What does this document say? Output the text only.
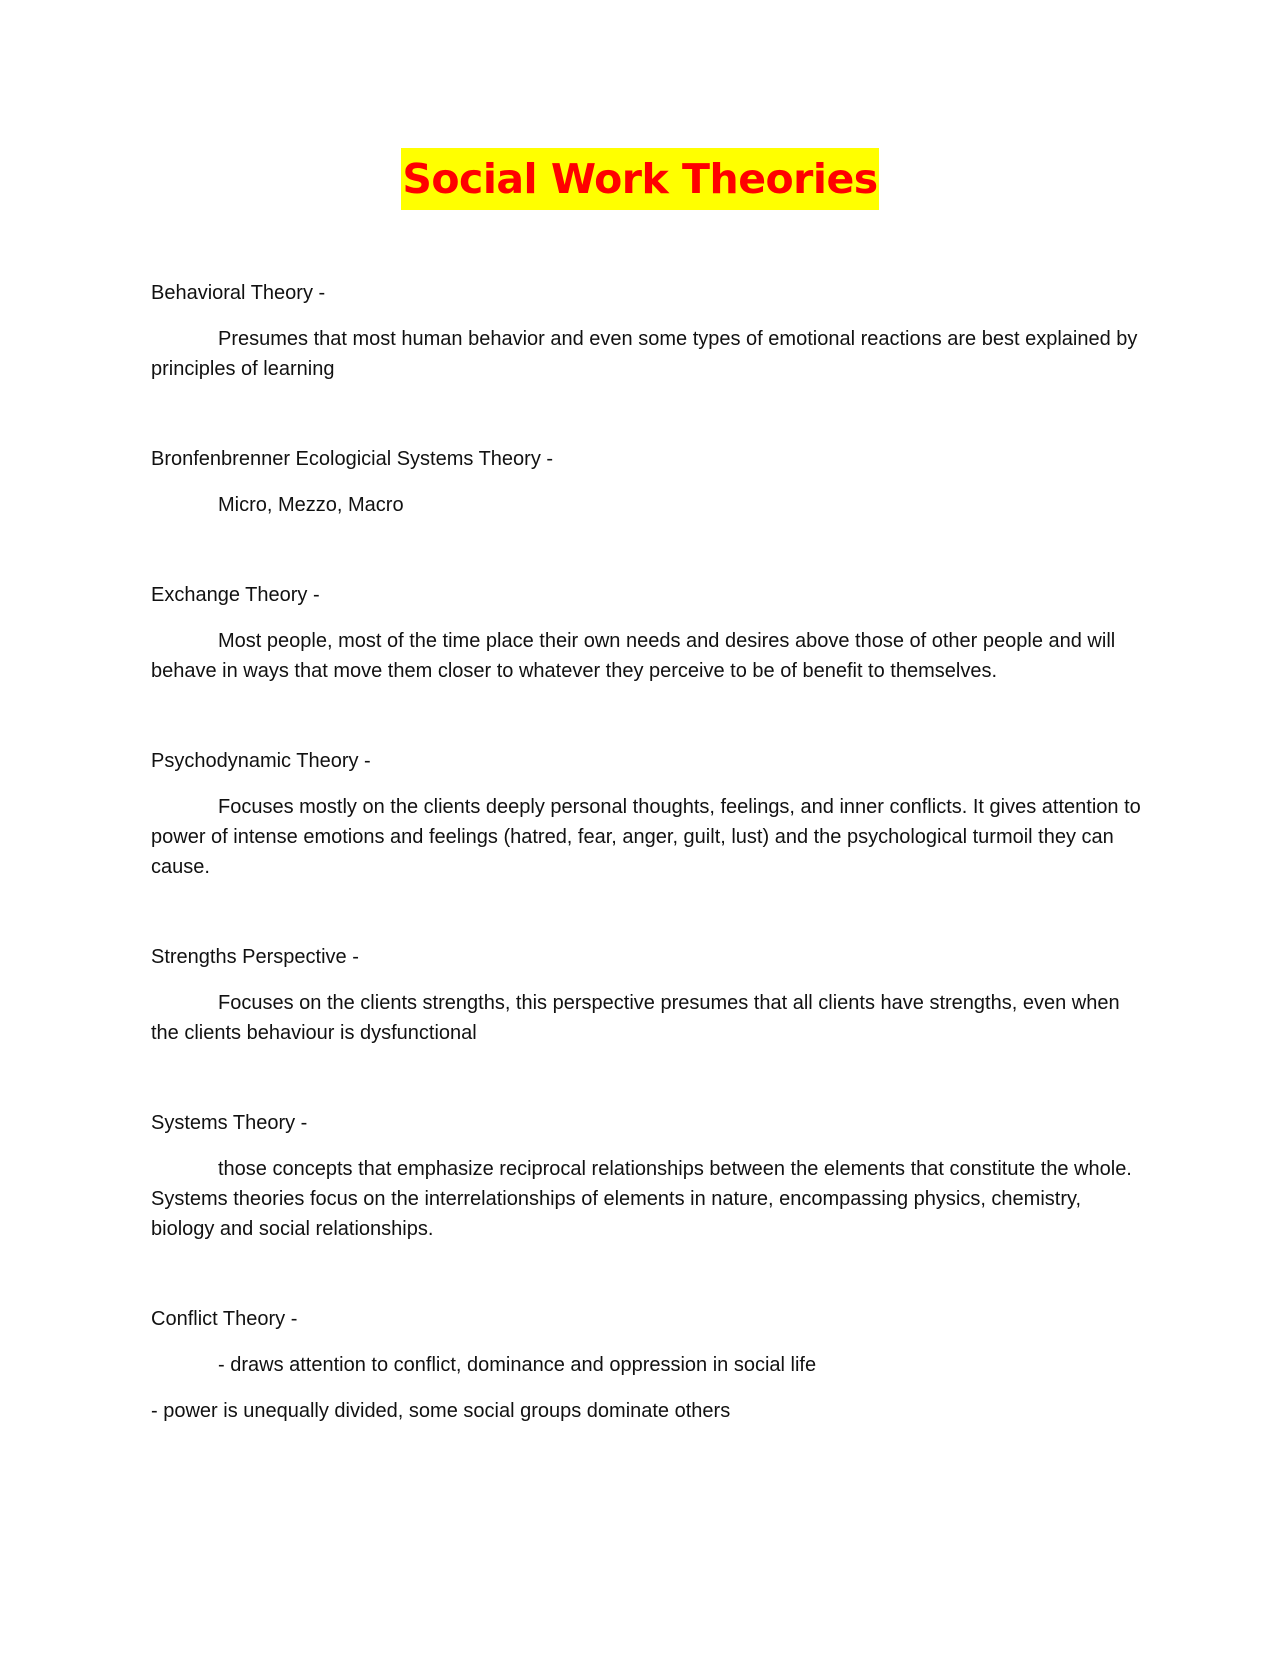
Social Work Theories

Behavioral Theory -

Presumes that most human behavior and even some types of emotional reactions are best explained by principles of learning

Bronfenbrenner Ecologicial Systems Theory -

Micro, Mezzo, Macro

Exchange Theory -

Most people, most of the time place their own needs and desires above those of other people and will behave in ways that move them closer to whatever they perceive to be of benefit to themselves.

Psychodynamic Theory -

Focuses mostly on the clients deeply personal thoughts, feelings, and inner conflicts. It gives attention to power of intense emotions and feelings (hatred, fear, anger, guilt, lust) and the psychological turmoil they can cause.

Strengths Perspective -

Focuses on the clients strengths, this perspective presumes that all clients have strengths, even when the clients behaviour is dysfunctional

Systems Theory -

those concepts that emphasize reciprocal relationships between the elements that constitute the whole. Systems theories focus on the interrelationships of elements in nature, encompassing physics, chemistry, biology and social relationships.

Conflict Theory -

- draws attention to conflict, dominance and oppression in social life

- power is unequally divided, some social groups dominate others
